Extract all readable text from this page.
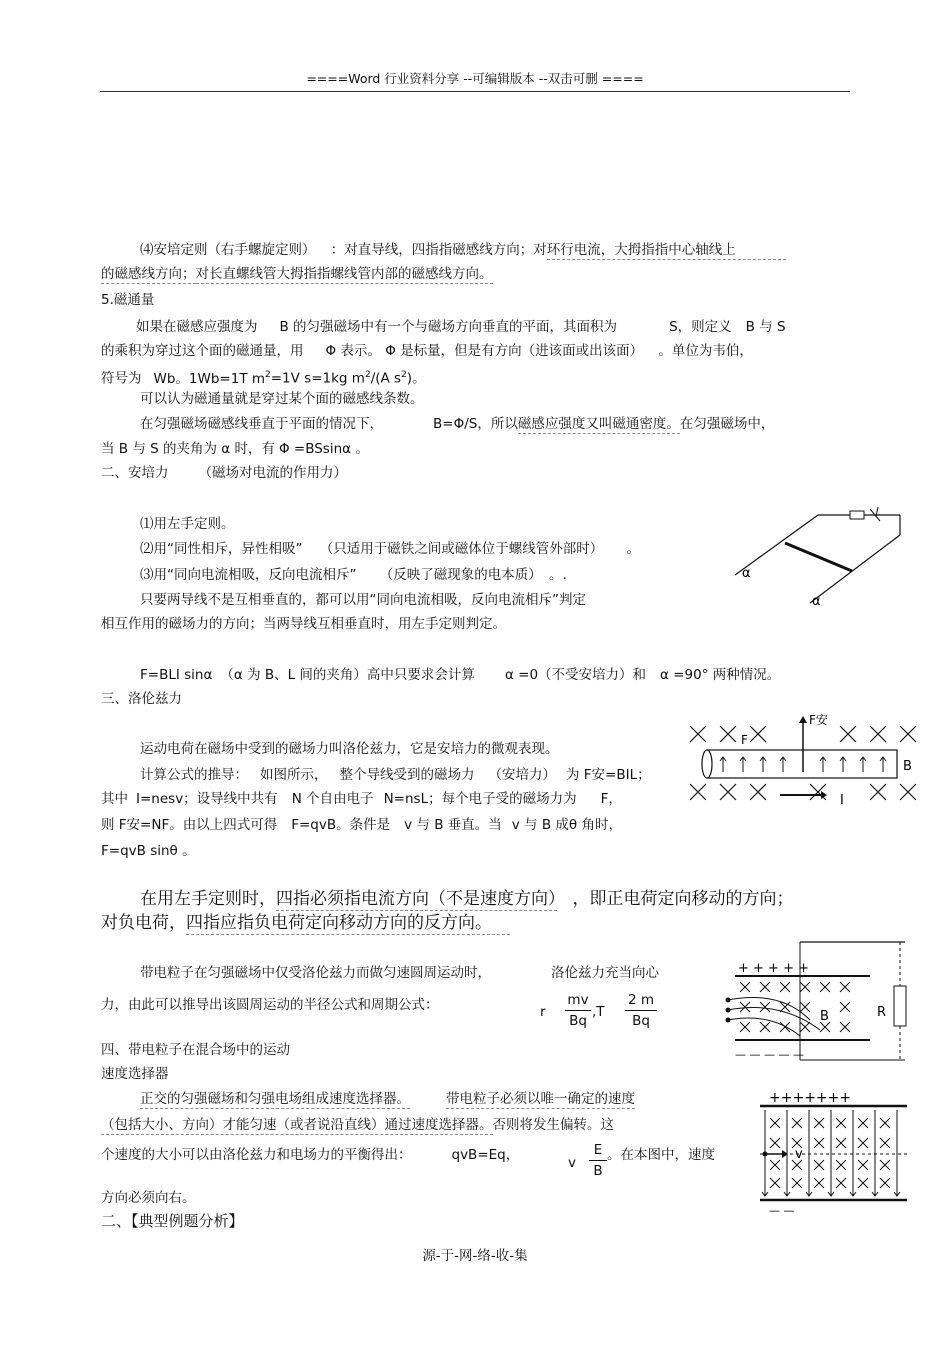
====Word 行业资料分享 --可编辑版本 --双击可删 ====
⑷安培定则（右手螺旋定则） ：对直导线，四指指磁感线方向；对环行电流，大拇指指中心轴线上
的磁感线方向；对长直螺线管大拇指指螺线管内部的磁感线方向。
5.磁通量
如果在磁感应强度为 B 的匀强磁场中有一个与磁场方向垂直的平面，其面积为	S，则定义 B 与 S
的乘积为穿过这个面的磁通量，用 Φ 表示。 Φ 是标量，但是有方向（进该面或出该面） 。单位为韦伯，
符号为 Wb。1Wb=1T $m^2=1V$ s=1kg $m^2/(A$ $s^2$)。
可以认为磁通量就是穿过某个面的磁感线条数。
在匀强磁场磁感线垂直于平面的情况下，	B=Φ/S，所以磁感应强度又叫磁通密度。在匀强磁场中，
当 B 与 S 的夹角为 α 时，有 Φ =BSsinα 。
二、安培力 （磁场对电流的作用力）
⑴用左手定则。
⑵用“同性相斥，异性相吸” （只适用于磁铁之间或磁体位于螺线管外部时） 。
⑶用“同向电流相吸，反向电流相斥” （反映了磁现象的电本质） 。.
只要两导线不是互相垂直的，都可以用“同向电流相吸，反向电流相斥”判定
相互作用的磁场力的方向；当两导线互相垂直时，用左手定则判定。
F=BLI sinα （α 为 B、L 间的夹角）高中只要求会计算 α =0（不受安培力）和 α =90° 两种情况。
α
α
三、洛伦兹力
运动电荷在磁场中受到的磁场力叫洛伦兹力，它是安培力的微观表现。
计算公式的推导： 如图所示， 整个导线受到的磁场力 （安培力） 为 F安=BIL；
其中 I=nesv；设导线中共有 N 个自由电子 N=nsL；每个电子受的磁场力为 F，
则 F安=NF。由以上四式可得 F=qvB。条件是 v 与 B 垂直。当 v 与 B 成θ 角时，
F=qvB sinθ 。
在用左手定则时，四指必须指电流方向（不是速度方向） ，即正电荷定向移动的方向；
对负电荷，四指应指负电荷定向移动方向的反方向。
F安
F
B
I
带电粒子在匀强磁场中仅受洛伦兹力而做匀速圆周运动时，	洛伦兹力充当向心
力，由此可以推导出该圆周运动的半径公式和周期公式：	r
mv
Bq
,T
2 m
Bq
+ + + + +
— — — — —
B	R
四、带电粒子在混合场中的运动
速度选择器
正交的匀强磁场和匀强电场组成速度选择器。	带电粒子必须以唯一确定的速度
（包括大小、方向）才能匀速（或者说沿直线）通过速度选择器。否则将发生偏转。这
个速度的大小可以由洛伦兹力和电场力的平衡得出：	qvB=Eq，	v
E
B
。在本图中，速度
方向必须向右。
+++++++
— —
v
二、【典型例题分析】
源-于-网-络-收-集
